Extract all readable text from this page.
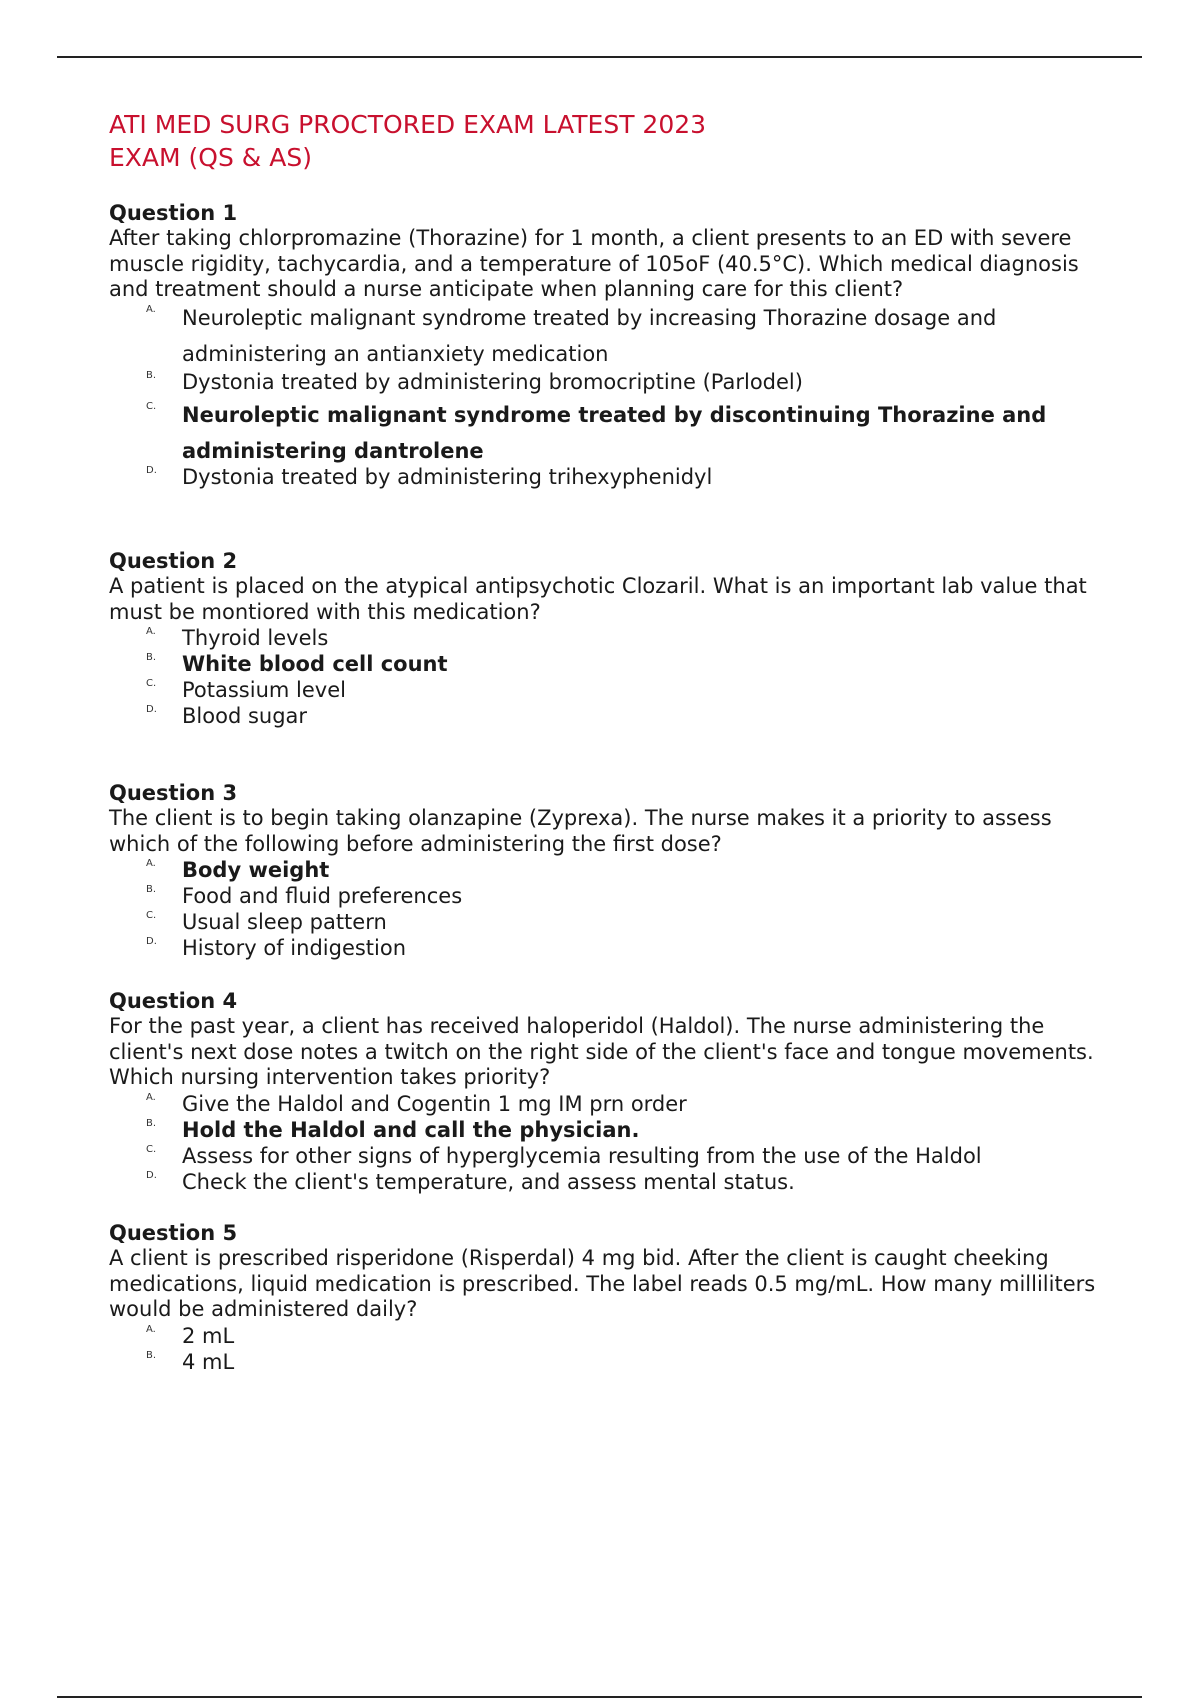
ATI MED SURG PROCTORED EXAM LATEST 2023
EXAM (QS & AS)
Question 1

After taking chlorpromazine (Thorazine) for 1 month, a client presents to an ED with severe muscle rigidity, tachycardia, and a temperature of 105oF (40.5°C). Which medical diagnosis and treatment should a nurse anticipate when planning care for this client?

A. Neuroleptic malignant syndrome treated by increasing Thorazine dosage and administering an antianxiety medication
B. Dystonia treated by administering bromocriptine (Parlodel)
C. Neuroleptic malignant syndrome treated by discontinuing Thorazine and administering dantrolene
D. Dystonia treated by administering trihexyphenidyl
Question 2

A patient is placed on the atypical antipsychotic Clozaril. What is an important lab value that must be montiored with this medication?

A. Thyroid levels
B. White blood cell count
C. Potassium level
D. Blood sugar
Question 3

The client is to begin taking olanzapine (Zyprexa). The nurse makes it a priority to assess which of the following before administering the first dose?

A. Body weight
B. Food and fluid preferences
C. Usual sleep pattern
D. History of indigestion
Question 4

For the past year, a client has received haloperidol (Haldol). The nurse administering the client's next dose notes a twitch on the right side of the client's face and tongue movements. Which nursing intervention takes priority?

A. Give the Haldol and Cogentin 1 mg IM prn order
B. Hold the Haldol and call the physician.
C. Assess for other signs of hyperglycemia resulting from the use of the Haldol
D. Check the client's temperature, and assess mental status.
Question 5

A client is prescribed risperidone (Risperdal) 4 mg bid. After the client is caught cheeking medications, liquid medication is prescribed. The label reads 0.5 mg/mL. How many milliliters would be administered daily?

A. 2 mL
B. 4 mL
